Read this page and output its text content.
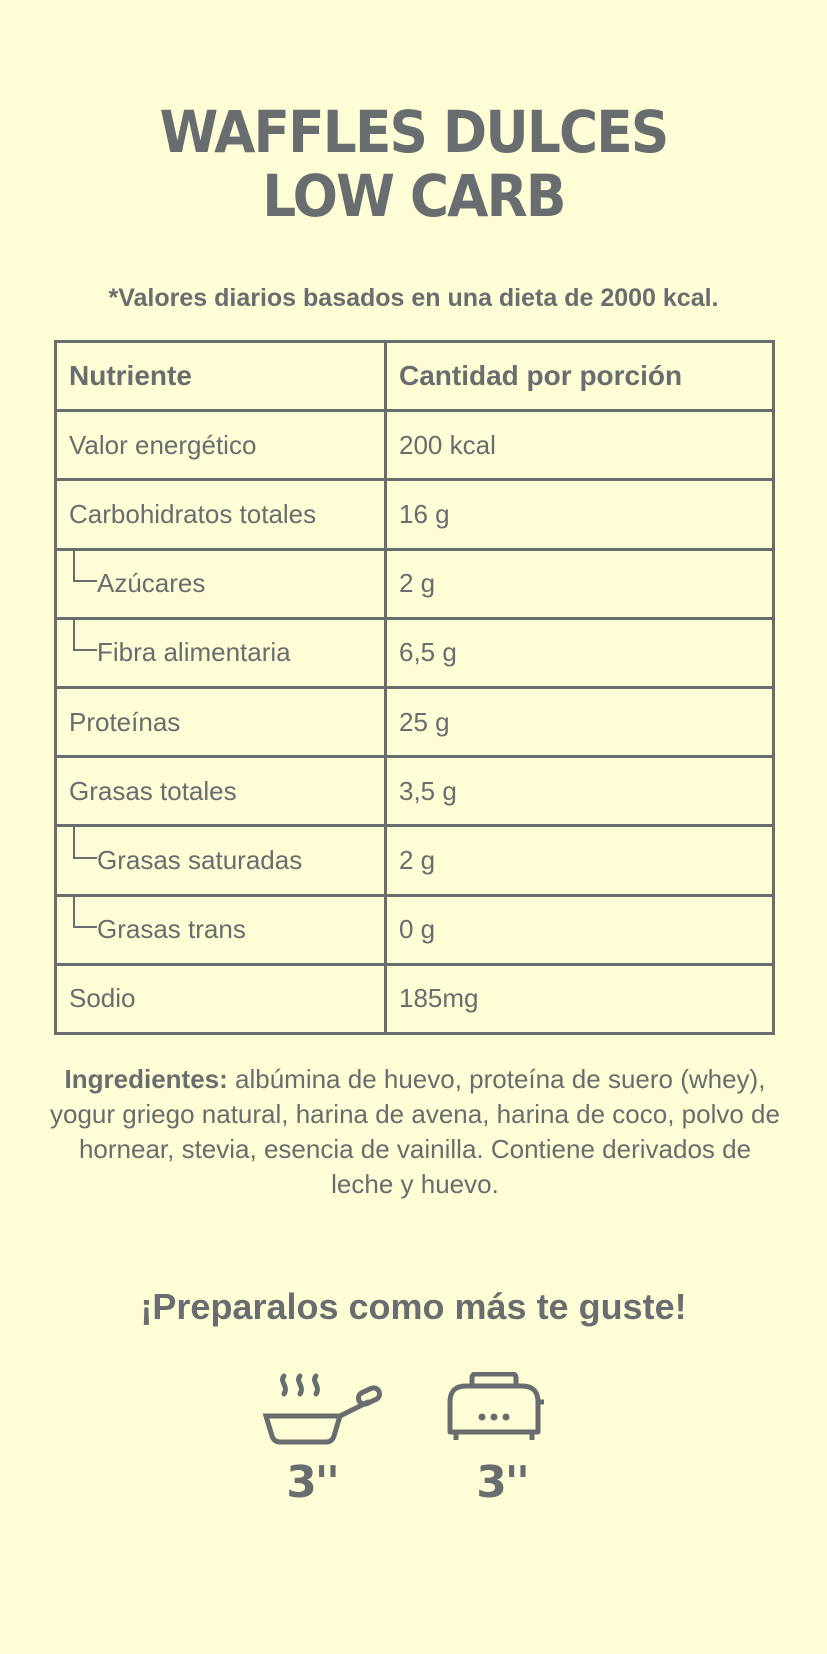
WAFFLES DULCES
LOW CARB
*Valores diarios basados en una dieta de 2000 kcal.
Nutriente	Cantidad por porción
Valor energético	200 kcal
Carbohidratos totales	16 g
Azúcares	2 g
Fibra alimentaria	6,5 g
Proteínas	25 g
Grasas totales	3,5 g
Grasas saturadas	2 g
Grasas trans	0 g
Sodio	185mg
Ingredientes: albúmina de huevo, proteína de suero (whey), yogur griego natural, harina de avena, harina de coco, polvo de hornear, stevia, esencia de vainilla. Contiene derivados de leche y huevo.
¡Preparalos como más te guste!
3''	3''
